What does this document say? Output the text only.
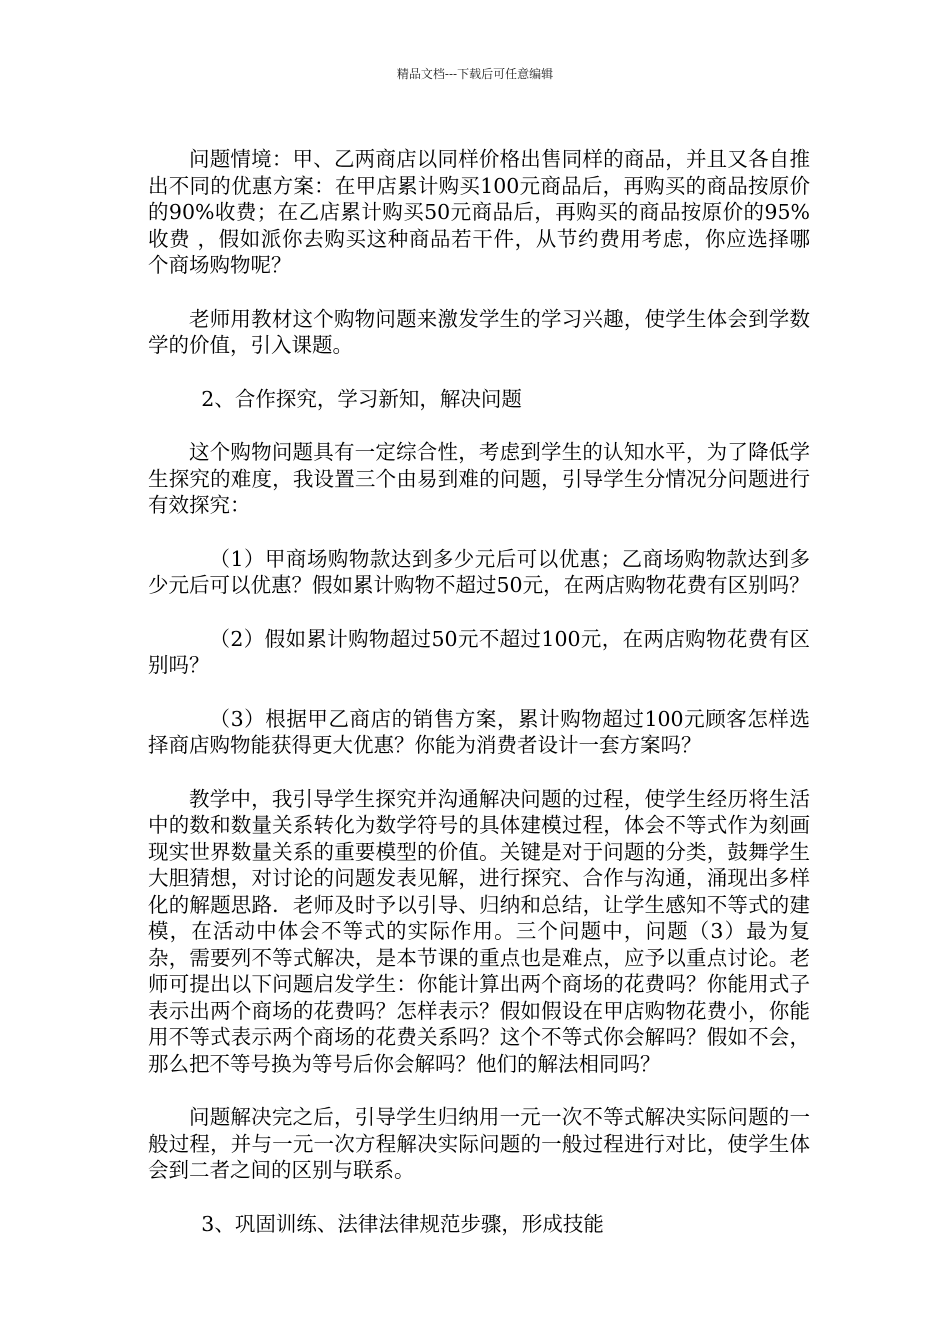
精品文档---下载后可任意编辑

问题情境：甲、乙两商店以同样价格出售同样的商品，并且又各自推出不同的优惠方案：在甲店累计购买100元商品后，再购买的商品按原价的90%收费；在乙店累计购买50元商品后，再购买的商品按原价的95%收费 ，假如派你去购买这种商品若干件，从节约费用考虑，你应选择哪个商场购物呢？

老师用教材这个购物问题来激发学生的学习兴趣，使学生体会到学数学的价值，引入课题。

2、合作探究，学习新知，解决问题

这个购物问题具有一定综合性，考虑到学生的认知水平，为了降低学生探究的难度，我设置三个由易到难的问题，引导学生分情况分问题进行有效探究：

（1）甲商场购物款达到多少元后可以优惠；乙商场购物款达到多少元后可以优惠？假如累计购物不超过50元，在两店购物花费有区别吗？

（2）假如累计购物超过50元不超过100元，在两店购物花费有区别吗？

（3）根据甲乙商店的销售方案，累计购物超过100元顾客怎样选择商店购物能获得更大优惠？你能为消费者设计一套方案吗？

教学中，我引导学生探究并沟通解决问题的过程，使学生经历将生活中的数和数量关系转化为数学符号的具体建模过程，体会不等式作为刻画现实世界数量关系的重要模型的价值。关键是对于问题的分类，鼓舞学生大胆猜想，对讨论的问题发表见解，进行探究、合作与沟通，涌现出多样化的解题思路．老师及时予以引导、归纳和总结，让学生感知不等式的建模，在活动中体会不等式的实际作用。三个问题中，问题（3）最为复杂，需要列不等式解决，是本节课的重点也是难点，应予以重点讨论。老师可提出以下问题启发学生：你能计算出两个商场的花费吗？你能用式子表示出两个商场的花费吗？怎样表示？假如假设在甲店购物花费小，你能用不等式表示两个商场的花费关系吗？这个不等式你会解吗？假如不会，那么把不等号换为等号后你会解吗？他们的解法相同吗？

问题解决完之后，引导学生归纳用一元一次不等式解决实际问题的一般过程，并与一元一次方程解决实际问题的一般过程进行对比，使学生体会到二者之间的区别与联系。

3、巩固训练、法律法律规范步骤，形成技能
